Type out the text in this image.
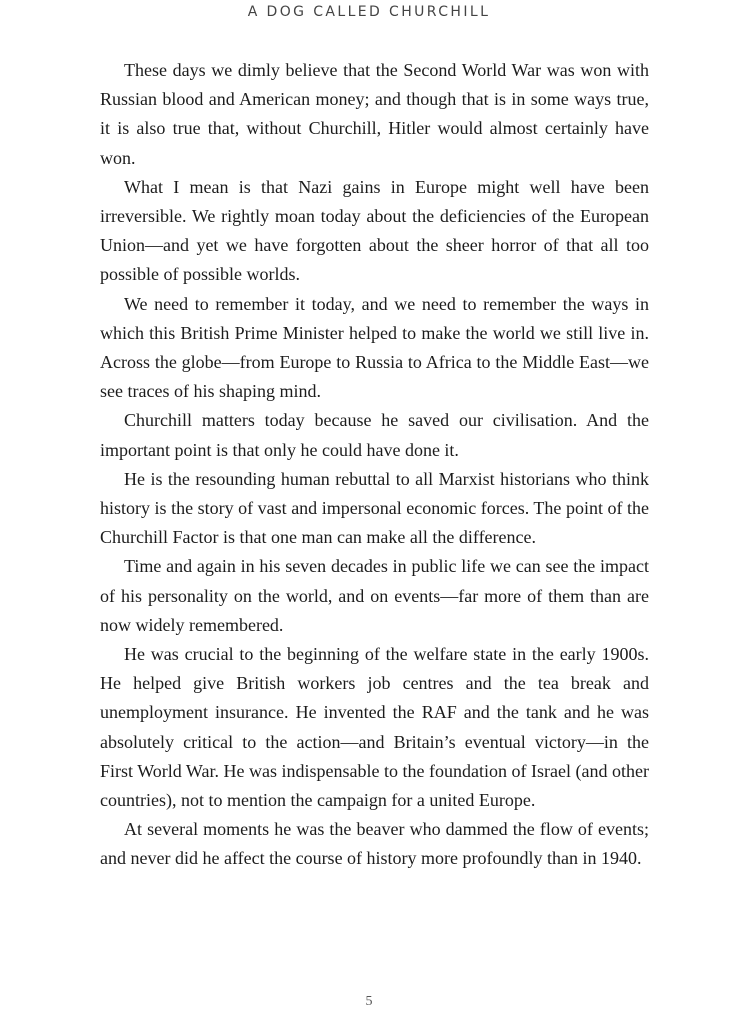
A DOG CALLED CHURCHILL

These days we dimly believe that the Second World War was won with Russian blood and American money; and though that is in some ways true, it is also true that, without Churchill, Hitler would almost certainly have won.

What I mean is that Nazi gains in Europe might well have been irreversible. We rightly moan today about the deficiencies of the European Union—and yet we have forgotten about the sheer horror of that all too possible of possible worlds.

We need to remember it today, and we need to remember the ways in which this British Prime Minister helped to make the world we still live in. Across the globe—from Europe to Russia to Africa to the Middle East—we see traces of his shaping mind.

Churchill matters today because he saved our civilisation. And the important point is that only he could have done it.

He is the resounding human rebuttal to all Marxist historians who think history is the story of vast and impersonal economic forces. The point of the Churchill Factor is that one man can make all the difference.

Time and again in his seven decades in public life we can see the impact of his personality on the world, and on events—far more of them than are now widely remembered.

He was crucial to the beginning of the welfare state in the early 1900s. He helped give British workers job centres and the tea break and unemployment insurance. He invented the RAF and the tank and he was absolutely critical to the action—and Britain’s eventual victory—in the First World War. He was indispensable to the foundation of Israel (and other countries), not to mention the campaign for a united Europe.

At several moments he was the beaver who dammed the flow of events; and never did he affect the course of history more profoundly than in 1940.

5
